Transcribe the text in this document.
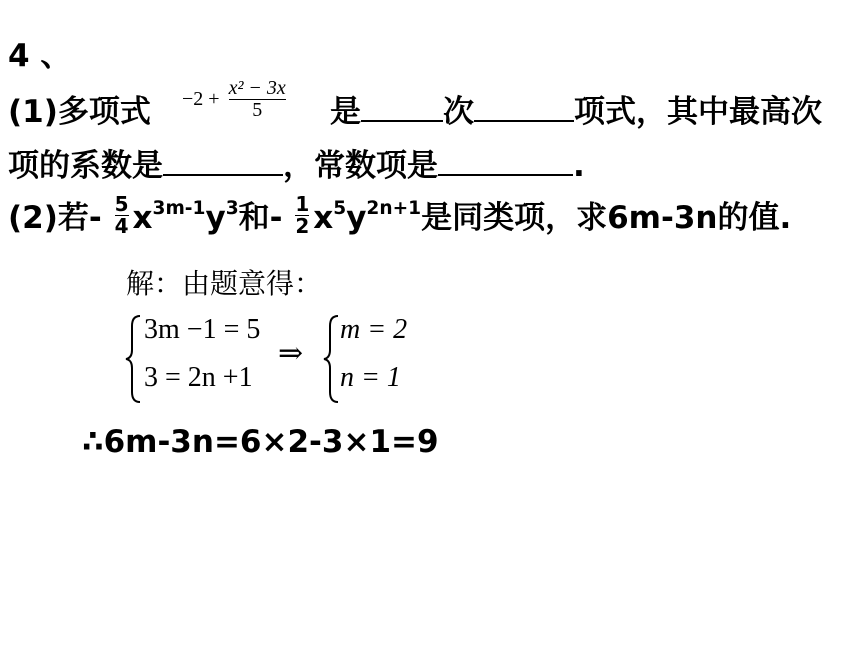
4 、
(1)多项式 $-2 + \frac{\text{x² − 3x}}{5}$ 是	次	项式，其中最高次
项的系数是	，常数项是	.
(2)若- $\frac{5}{4} x^{3m-1}y^3$和- $\frac{1}{2} x^5y^{2n+1}$是同类项，求6m-3n的值.
解：由题意得：
3m −1 = 5
3 = 2n +1
⇒
m = 2
n = 1
∴6m-3n=6×2-3×1=9
